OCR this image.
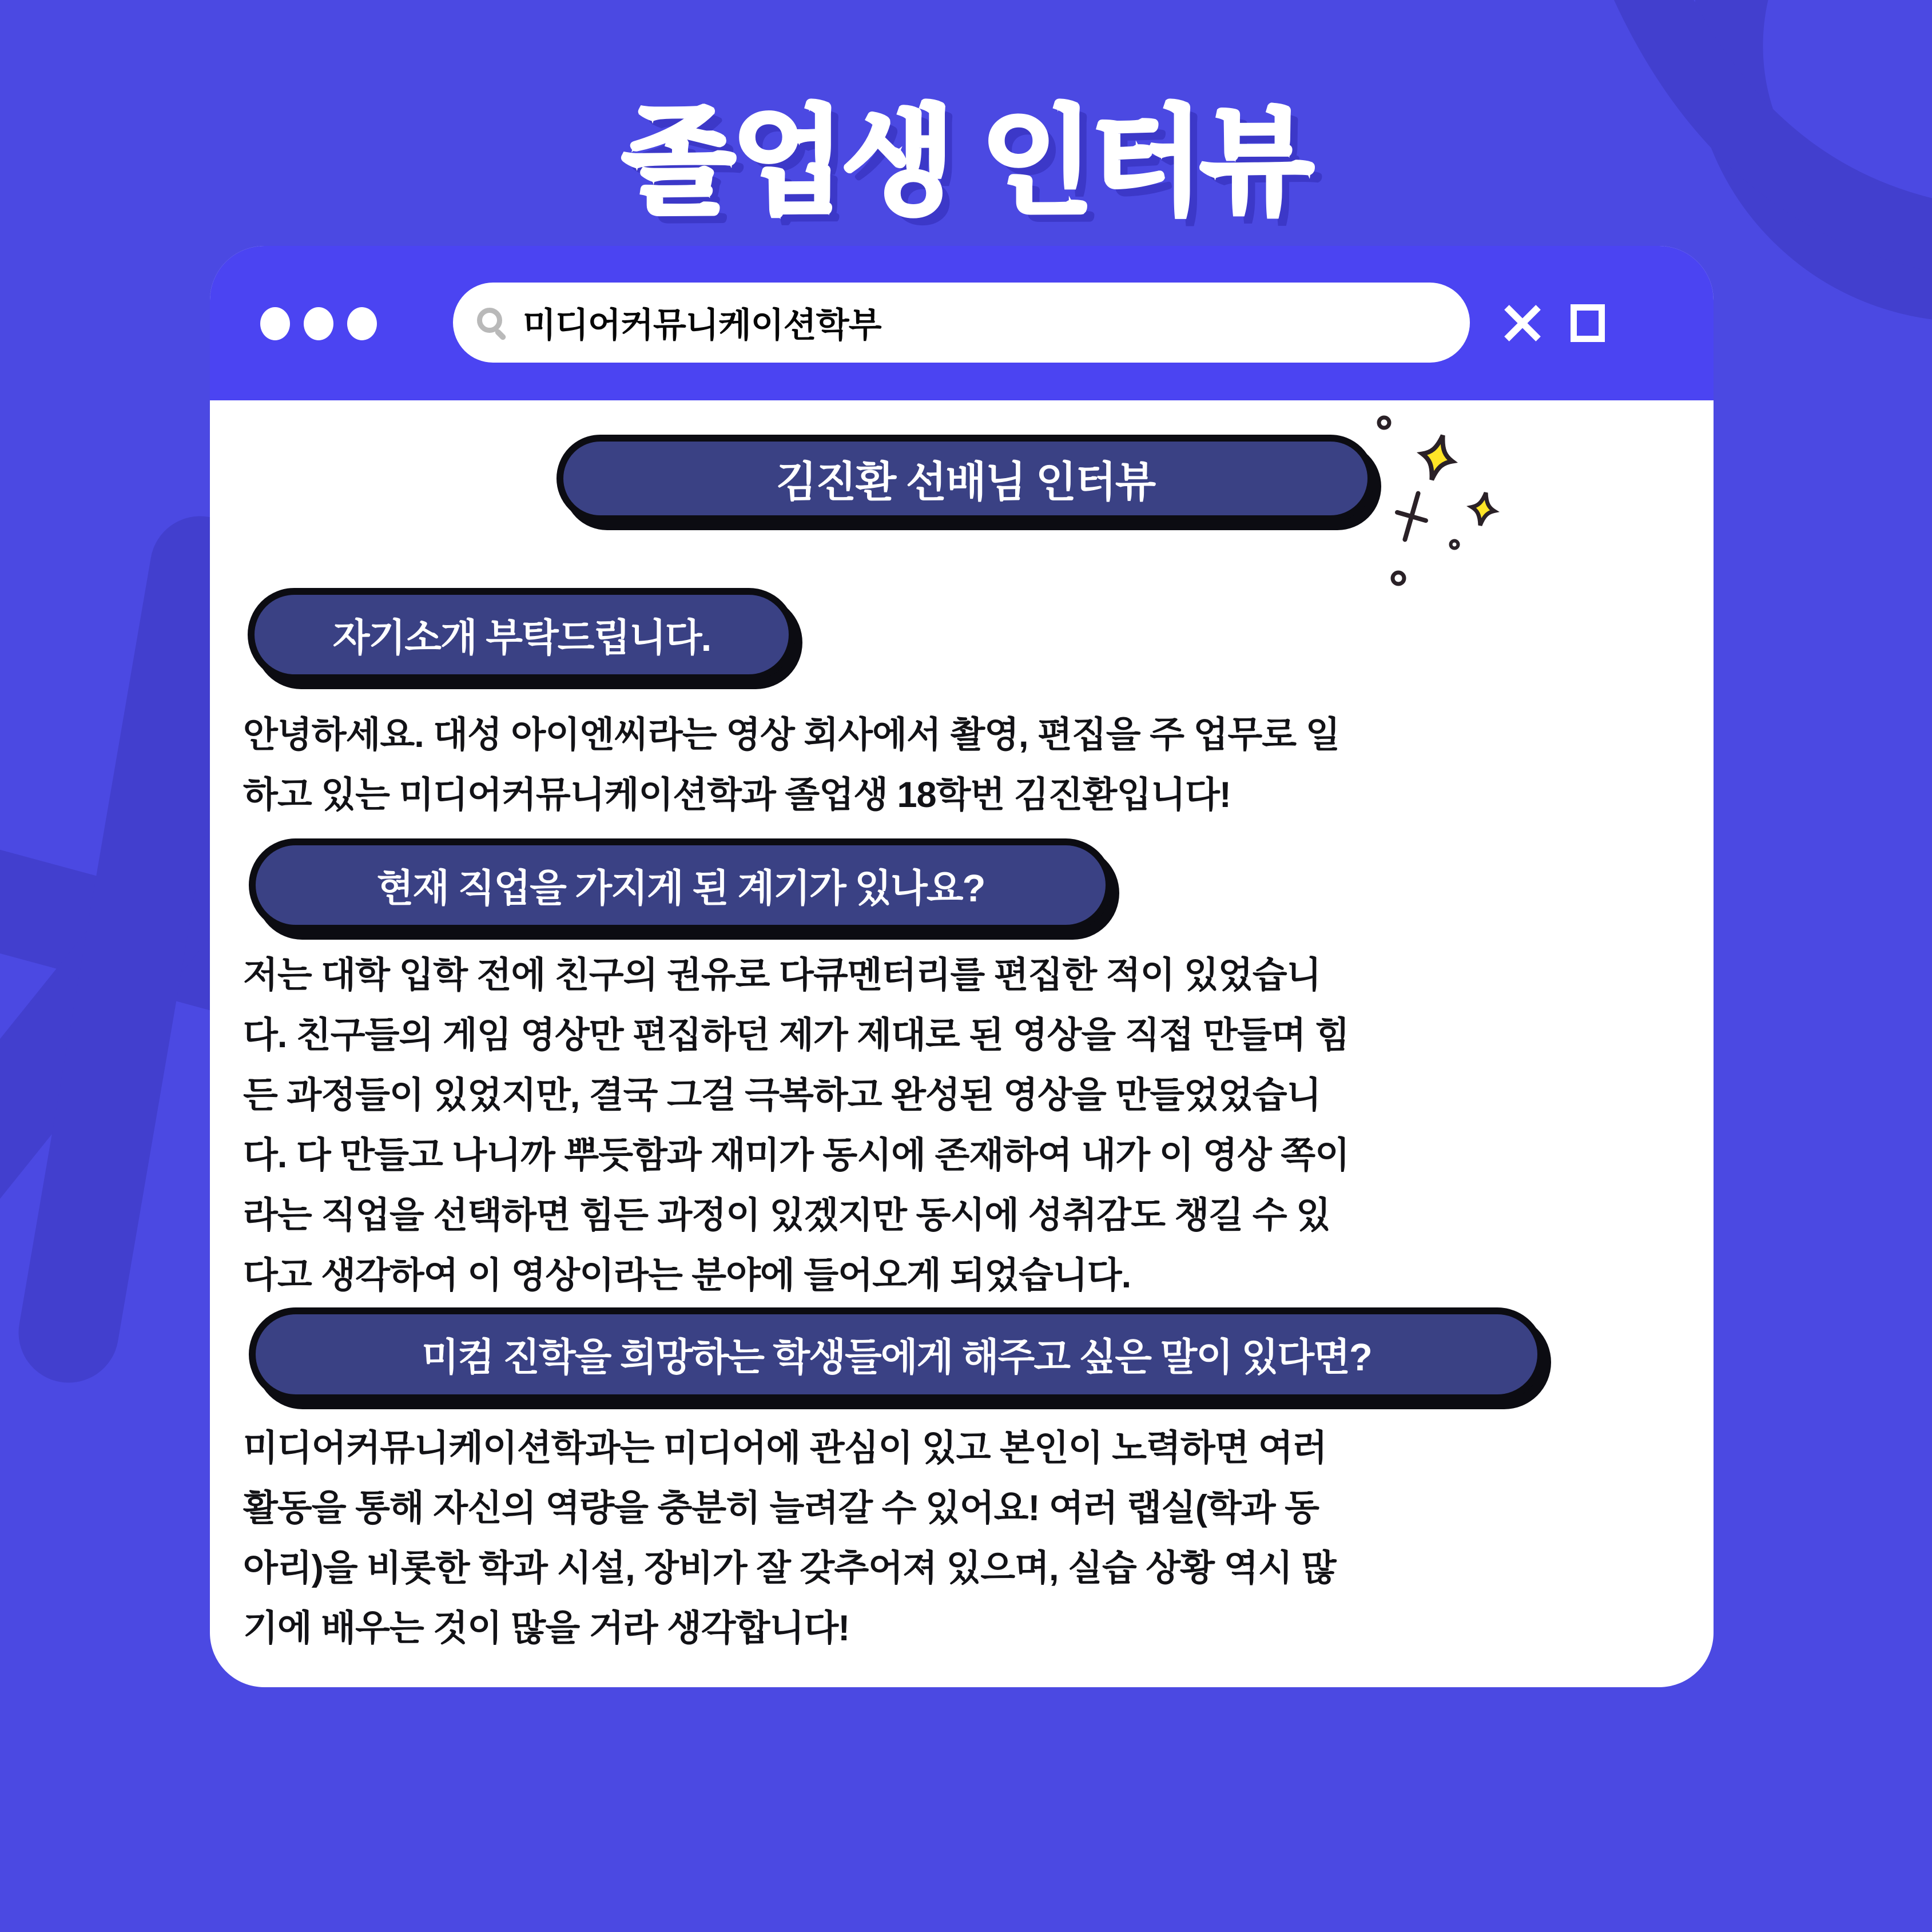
졸업생 인터뷰
미디어커뮤니케이션학부
김진환 선배님 인터뷰
자기소개 부탁드립니다.
안녕하세요. 대성 아이엔씨라는 영상 회사에서 촬영, 편집을 주 업무로 일
하고 있는 미디어커뮤니케이션학과 졸업생 18학번 김진환입니다!
현재 직업을 가지게 된 계기가 있나요?
저는 대학 입학 전에 친구의 권유로 다큐멘터리를 편집한 적이 있었습니
다. 친구들의 게임 영상만 편집하던 제가 제대로 된 영상을 직접 만들며 힘
든 과정들이 있었지만, 결국 그걸 극복하고 완성된 영상을 만들었었습니
다. 다 만들고 나니까 뿌듯함과 재미가 동시에 존재하여 내가 이 영상 쪽이
라는 직업을 선택하면 힘든 과정이 있겠지만 동시에 성취감도 챙길 수 있
다고 생각하여 이 영상이라는 분야에 들어오게 되었습니다.
미컴 진학을 희망하는 학생들에게 해주고 싶은 말이 있다면?
미디어커뮤니케이션학과는 미디어에 관심이 있고 본인이 노력하면 여러
활동을 통해 자신의 역량을 충분히 늘려갈 수 있어요! 여러 랩실(학과 동
아리)을 비롯한 학과 시설, 장비가 잘 갖추어져 있으며, 실습 상황 역시 많
기에 배우는 것이 많을 거라 생각합니다!
